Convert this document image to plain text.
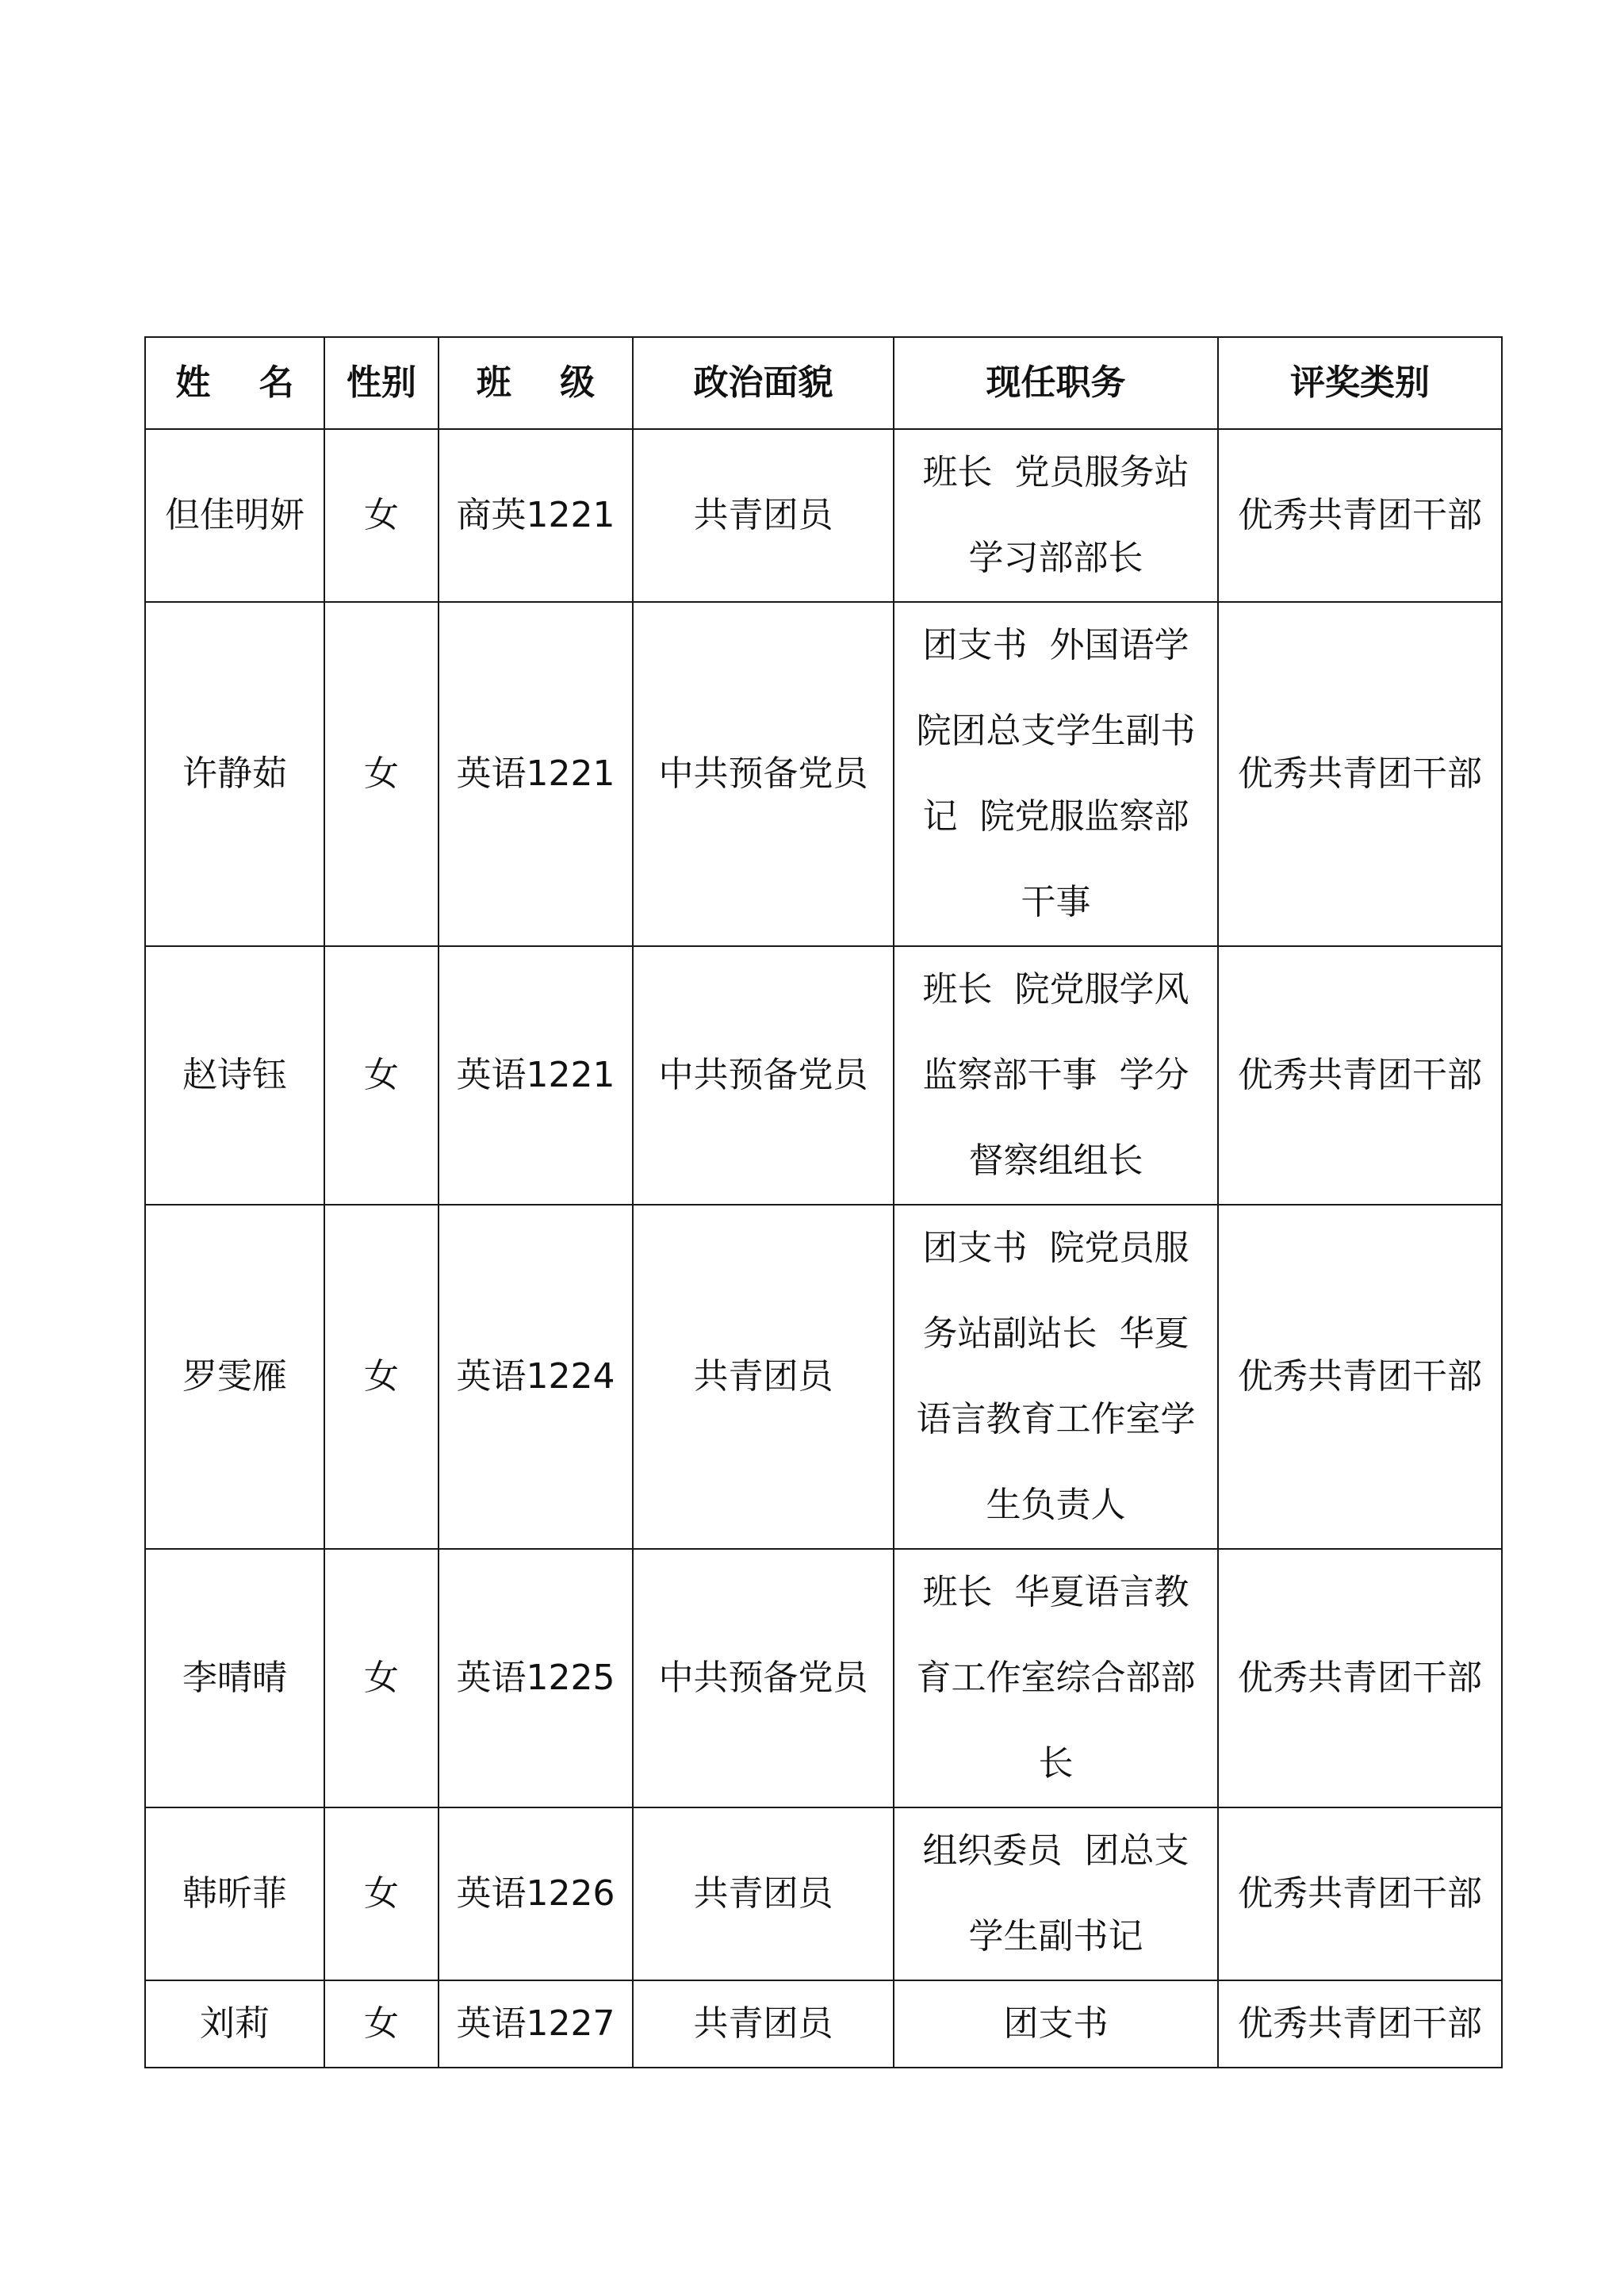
姓    名	性别	班    级	政治面貌	现任职务	评奖类别
但佳明妍	女	商英1221	共青团员	班长  党员服务站
学习部部长	优秀共青团干部
许静茹	女	英语1221	中共预备党员	团支书  外国语学
院团总支学生副书
记  院党服监察部
干事	优秀共青团干部
赵诗钰	女	英语1221	中共预备党员	班长  院党服学风
监察部干事  学分
督察组组长	优秀共青团干部
罗雯雁	女	英语1224	共青团员	团支书  院党员服
务站副站长  华夏
语言教育工作室学
生负责人	优秀共青团干部
李晴晴	女	英语1225	中共预备党员	班长  华夏语言教
育工作室综合部部
长	优秀共青团干部
韩昕菲	女	英语1226	共青团员	组织委员  团总支
学生副书记	优秀共青团干部
刘莉	女	英语1227	共青团员	团支书	优秀共青团干部
